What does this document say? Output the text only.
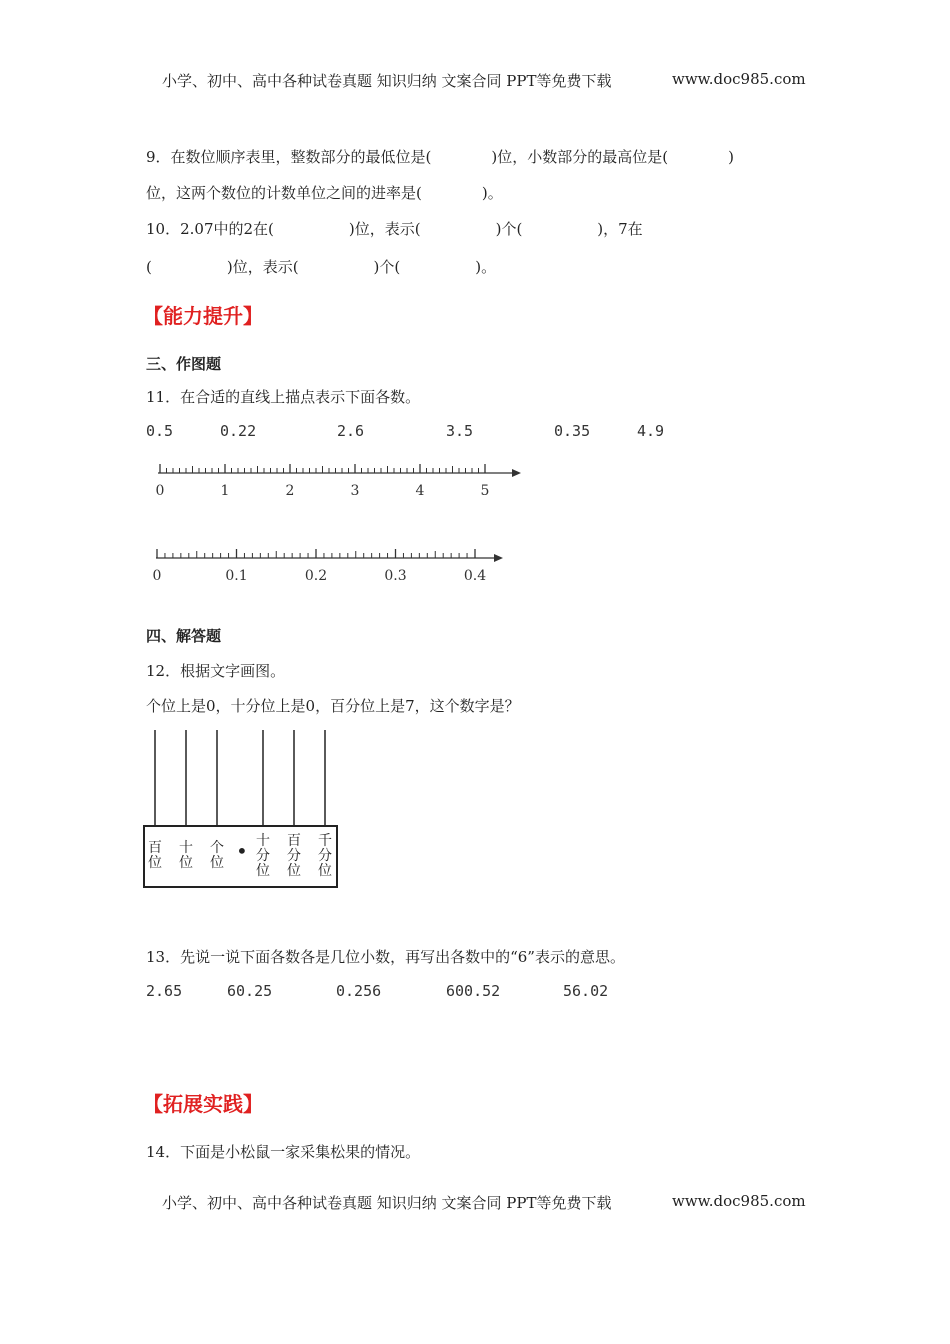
小学、初中、高中各种试卷真题 知识归纳 文案合同 PPT等免费下载	www.doc985.com
9．在数位顺序表里，整数部分的最低位是(　　　　)位，小数部分的最高位是(　　　　)
位，这两个数位的计数单位之间的进率是(　　　　)。
10．2.07中的2在(　　　　　)位，表示(　　　　　)个(　　　　　)，7在
(　　　　　)位，表示(　　　　　)个(　　　　　)。
【能力提升】
三、作图题
11．在合适的直线上描点表示下面各数。
0.5	0.22	2.6	3.5	0.35	4.9
0	1	2	3	4	5
0	0.1	0.2	0.3	0.4
四、解答题
12．根据文字画图。
个位上是0，十分位上是0，百分位上是7，这个数字是？
百位
十位
个位 • 十分位
百分位
千分位
13．先说一说下面各数各是几位小数，再写出各数中的“6”表示的意思。
2.65	60.25	0.256	600.52	56.02
【拓展实践】
14．下面是小松鼠一家采集松果的情况。
小学、初中、高中各种试卷真题 知识归纳 文案合同 PPT等免费下载	www.doc985.com
